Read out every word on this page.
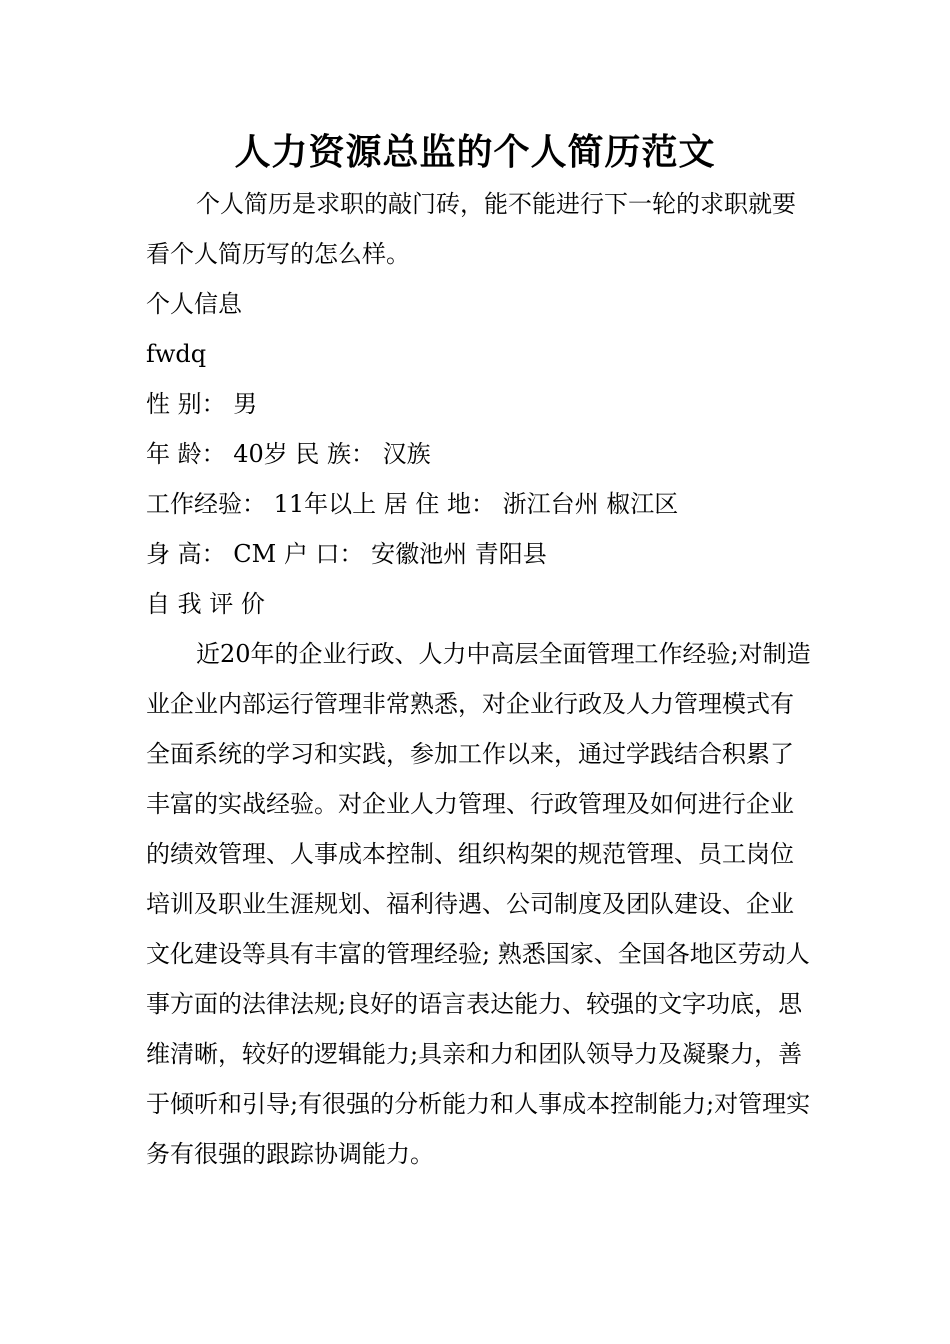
人力资源总监的个人简历范文

个人简历是求职的敲门砖，能不能进行下一轮的求职就要看个人简历写的怎么样。

个人信息

fwdq

性 别： 男

年 龄： 40岁 民 族： 汉族

工作经验： 11年以上 居 住 地： 浙江台州 椒江区

身 高： CM 户 口： 安徽池州 青阳县

自 我 评 价

近20年的企业行政、人力中高层全面管理工作经验;对制造业企业内部运行管理非常熟悉，对企业行政及人力管理模式有全面系统的学习和实践，参加工作以来，通过学践结合积累了丰富的实战经验。对企业人力管理、行政管理及如何进行企业的绩效管理、人事成本控制、组织构架的规范管理、员工岗位培训及职业生涯规划、福利待遇、公司制度及团队建设、企业文化建设等具有丰富的管理经验; 熟悉国家、全国各地区劳动人事方面的法律法规;良好的语言表达能力、较强的文字功底，思维清晰，较好的逻辑能力;具亲和力和团队领导力及凝聚力，善于倾听和引导;有很强的分析能力和人事成本控制能力;对管理实务有很强的跟踪协调能力。
